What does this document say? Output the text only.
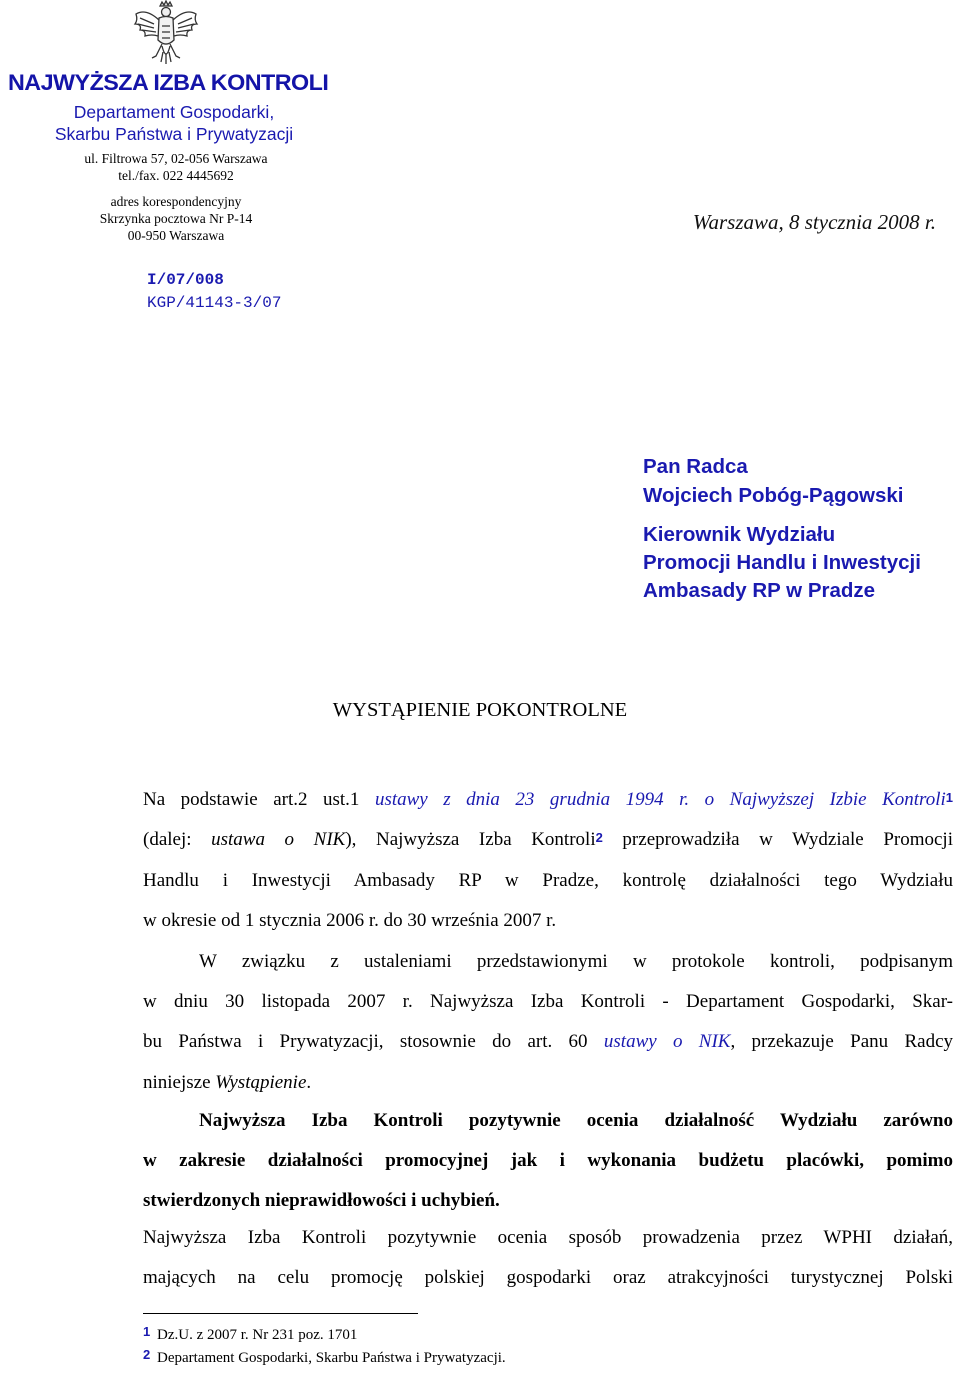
NAJWYŻSZA IZBA KONTROLI
Departament Gospodarki,
Skarbu Państwa i Prywatyzacji
ul. Filtrowa 57, 02-056 Warszawa
tel./fax. 022 4445692
adres korespondencyjny
Skrzynka pocztowa Nr P-14
00-950 Warszawa
Warszawa, 8 stycznia 2008 r.
I/07/008
KGP/41143-3/07
Pan Radca
Wojciech Pobóg-Pągowski
Kierownik Wydziału
Promocji Handlu i Inwestycji
Ambasady RP w Pradze
WYSTĄPIENIE POKONTROLNE
Na podstawie art.2 ust.1 ustawy z dnia 23 grudnia 1994 r. o Najwyższej Izbie Kontroli$^1$
(dalej: ustawa o NIK), Najwyższa Izba Kontroli$^2$ przeprowadziła w Wydziale Promocji
Handlu i Inwestycji Ambasady RP w Pradze, kontrolę działalności tego Wydziału
w okresie od 1 stycznia 2006 r. do 30 września 2007 r.
W związku z ustaleniami przedstawionymi w protokole kontroli, podpisanym
w dniu 30 listopada 2007 r. Najwyższa Izba Kontroli - Departament Gospodarki, Skar-
bu Państwa i Prywatyzacji, stosownie do art. 60 ustawy o NIK, przekazuje Panu Radcy
niniejsze Wystąpienie.
Najwyższa Izba Kontroli pozytywnie ocenia działalność Wydziału zarówno
w zakresie działalności promocyjnej jak i wykonania budżetu placówki, pomimo
stwierdzonych nieprawidłowości i uchybień.
Najwyższa Izba Kontroli pozytywnie ocenia sposób prowadzenia przez WPHI działań,
mających na celu promocję polskiej gospodarki oraz atrakcyjności turystycznej Polski
1 Dz.U. z 2007 r. Nr 231 poz. 1701
2 Departament Gospodarki, Skarbu Państwa i Prywatyzacji.
